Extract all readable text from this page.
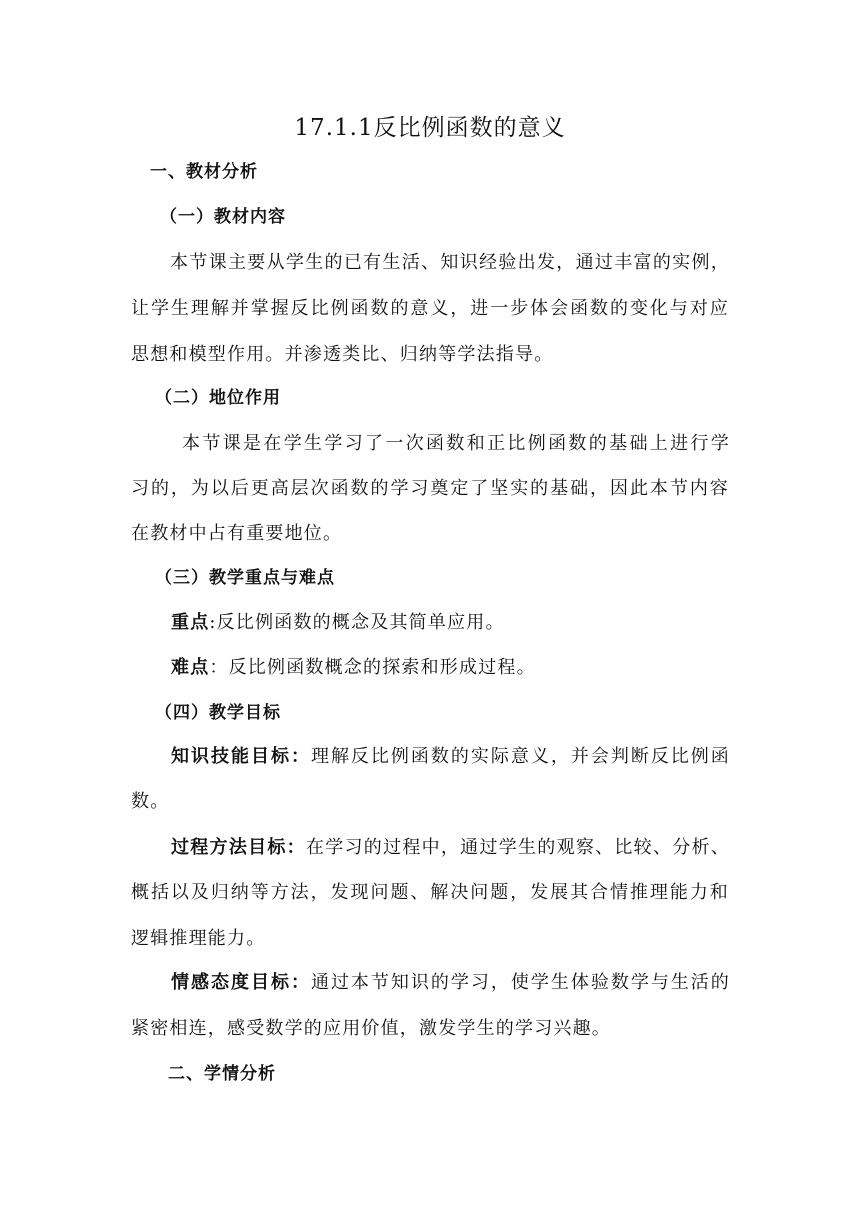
17.1.1反比例函数的意义
一、教材分析
（一）教材内容
本节课主要从学生的已有生活、知识经验出发，通过丰富的实例，
让学生理解并掌握反比例函数的意义，进一步体会函数的变化与对应
思想和模型作用。并渗透类比、归纳等学法指导。
（二）地位作用
本节课是在学生学习了一次函数和正比例函数的基础上进行学
习的，为以后更高层次函数的学习奠定了坚实的基础，因此本节内容
在教材中占有重要地位。
（三）教学重点与难点
重点:反比例函数的概念及其简单应用。
难点：反比例函数概念的探索和形成过程。
（四）教学目标
知识技能目标：理解反比例函数的实际意义，并会判断反比例函
数。
过程方法目标：在学习的过程中，通过学生的观察、比较、分析、
概括以及归纳等方法，发现问题、解决问题，发展其合情推理能力和
逻辑推理能力。
情感态度目标：通过本节知识的学习，使学生体验数学与生活的
紧密相连，感受数学的应用价值，激发学生的学习兴趣。
二、学情分析
